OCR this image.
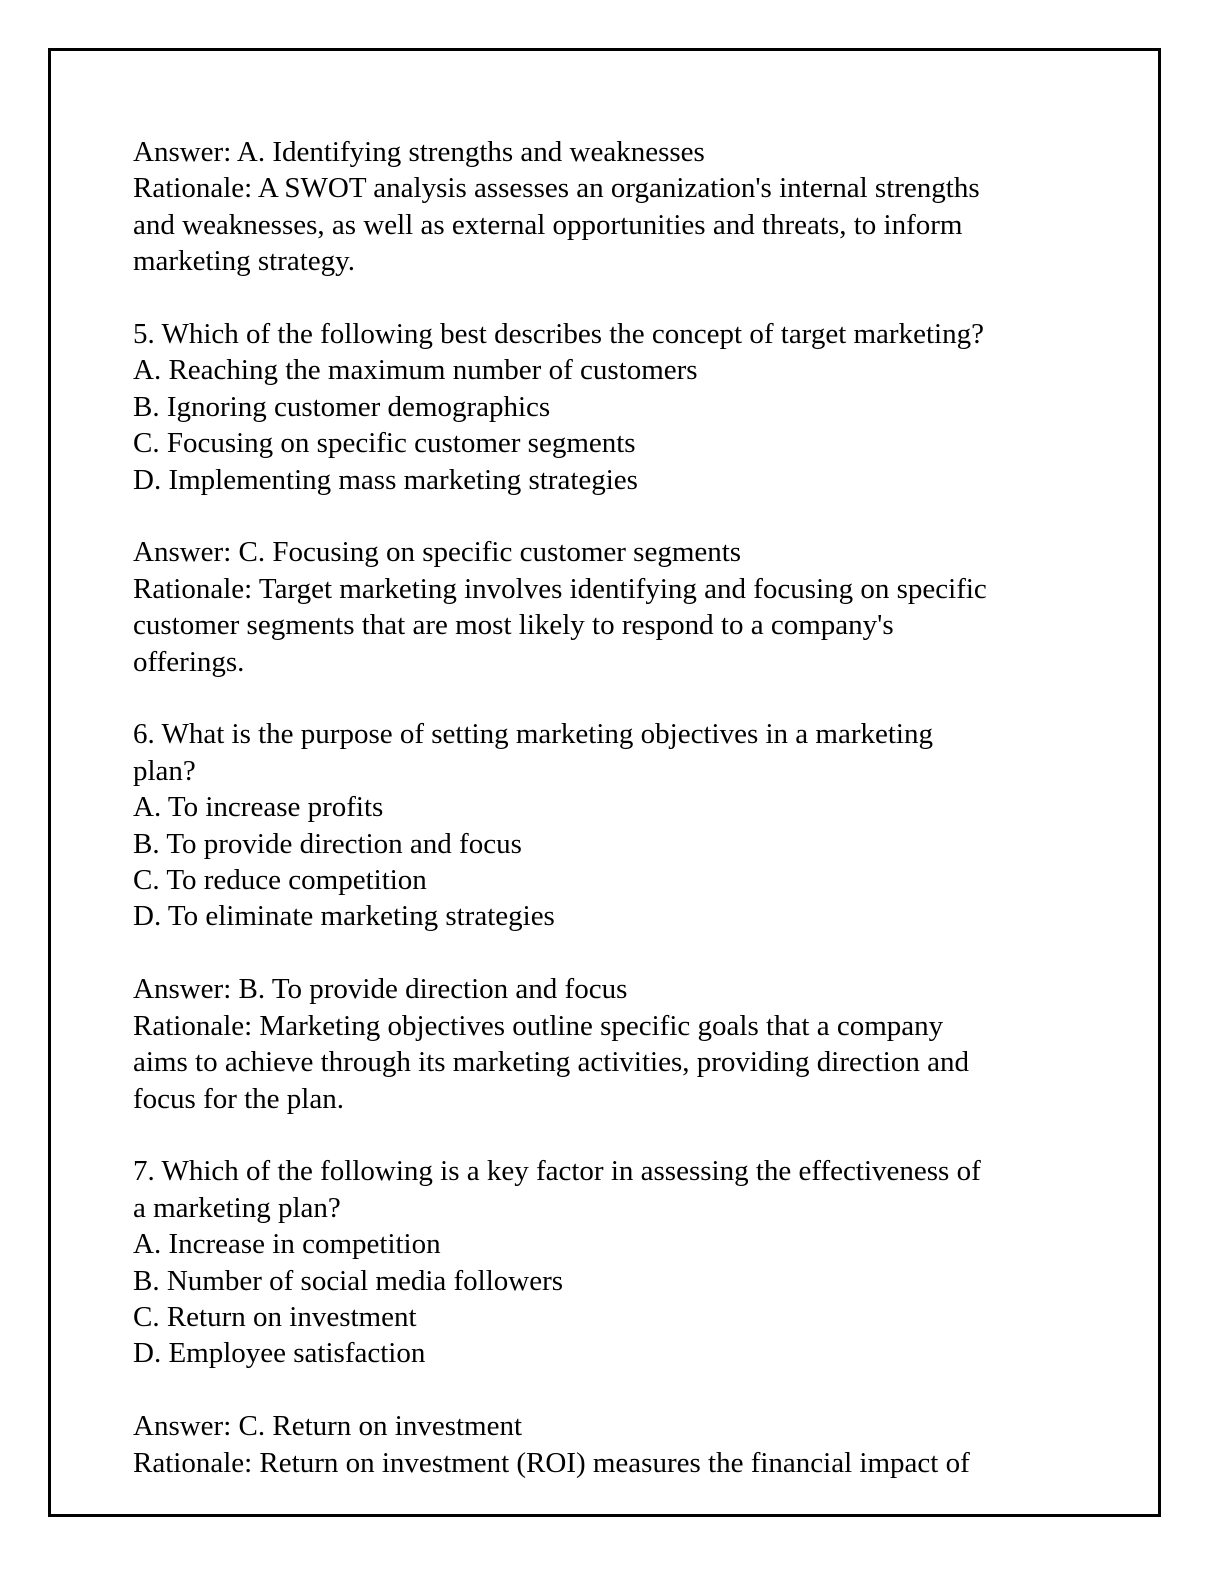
Answer: A. Identifying strengths and weaknesses
Rationale: A SWOT analysis assesses an organization's internal strengths
and weaknesses, as well as external opportunities and threats, to inform
marketing strategy.
5. Which of the following best describes the concept of target marketing?
A. Reaching the maximum number of customers
B. Ignoring customer demographics
C. Focusing on specific customer segments
D. Implementing mass marketing strategies
Answer: C. Focusing on specific customer segments
Rationale: Target marketing involves identifying and focusing on specific
customer segments that are most likely to respond to a company's
offerings.
6. What is the purpose of setting marketing objectives in a marketing
plan?
A. To increase profits
B. To provide direction and focus
C. To reduce competition
D. To eliminate marketing strategies
Answer: B. To provide direction and focus
Rationale: Marketing objectives outline specific goals that a company
aims to achieve through its marketing activities, providing direction and
focus for the plan.
7. Which of the following is a key factor in assessing the effectiveness of
a marketing plan?
A. Increase in competition
B. Number of social media followers
C. Return on investment
D. Employee satisfaction
Answer: C. Return on investment
Rationale: Return on investment (ROI) measures the financial impact of
